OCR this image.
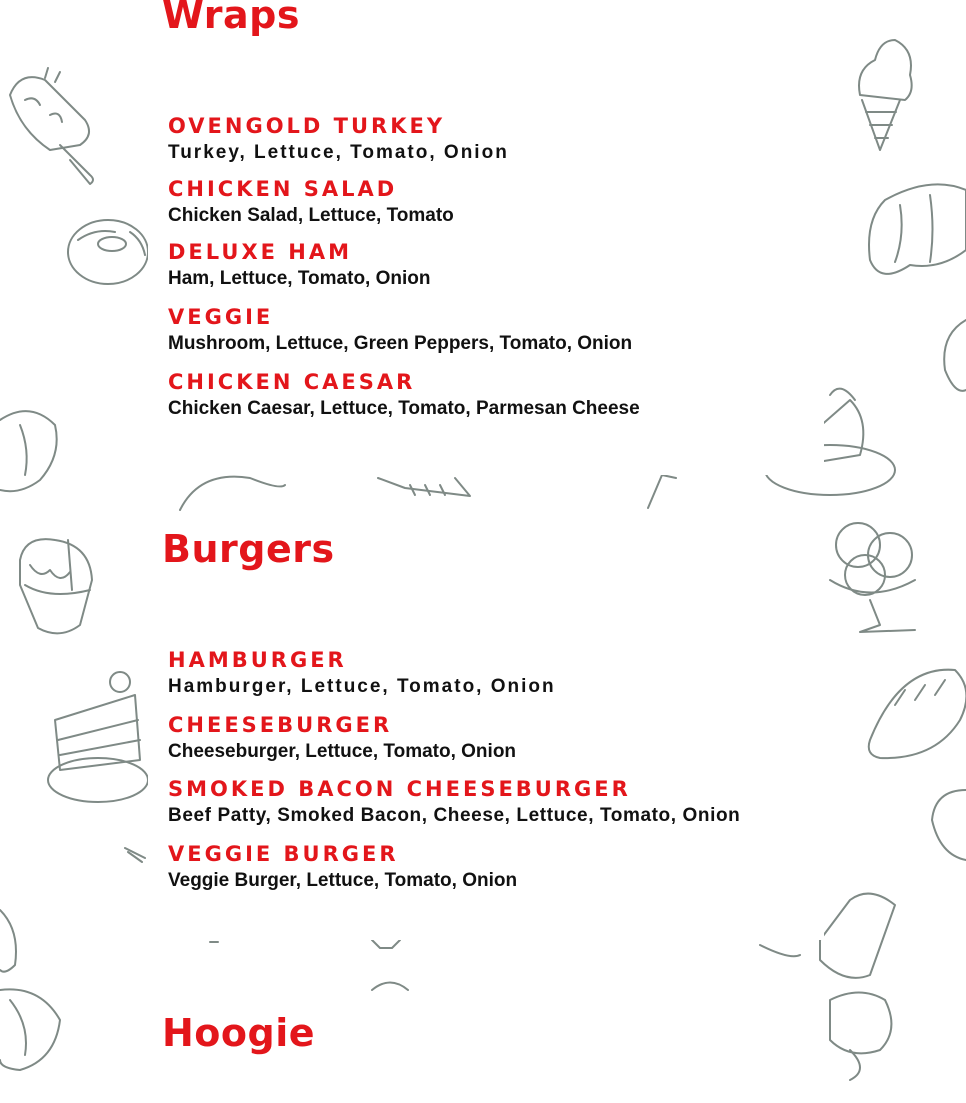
Wraps

OVENGOLD TURKEY

Turkey, Lettuce, Tomato, Onion

CHICKEN SALAD

Chicken Salad, Lettuce, Tomato

DELUXE HAM

Ham, Lettuce, Tomato, Onion

VEGGIE

Mushroom, Lettuce, Green Peppers, Tomato, Onion

CHICKEN CAESAR

Chicken Caesar, Lettuce, Tomato, Parmesan Cheese

Burgers

HAMBURGER

Hamburger, Lettuce, Tomato, Onion

CHEESEBURGER

Cheeseburger, Lettuce, Tomato, Onion

SMOKED BACON CHEESEBURGER

Beef Patty, Smoked Bacon, Cheese, Lettuce, Tomato, Onion

VEGGIE BURGER

Veggie Burger, Lettuce, Tomato, Onion

Hoogie
